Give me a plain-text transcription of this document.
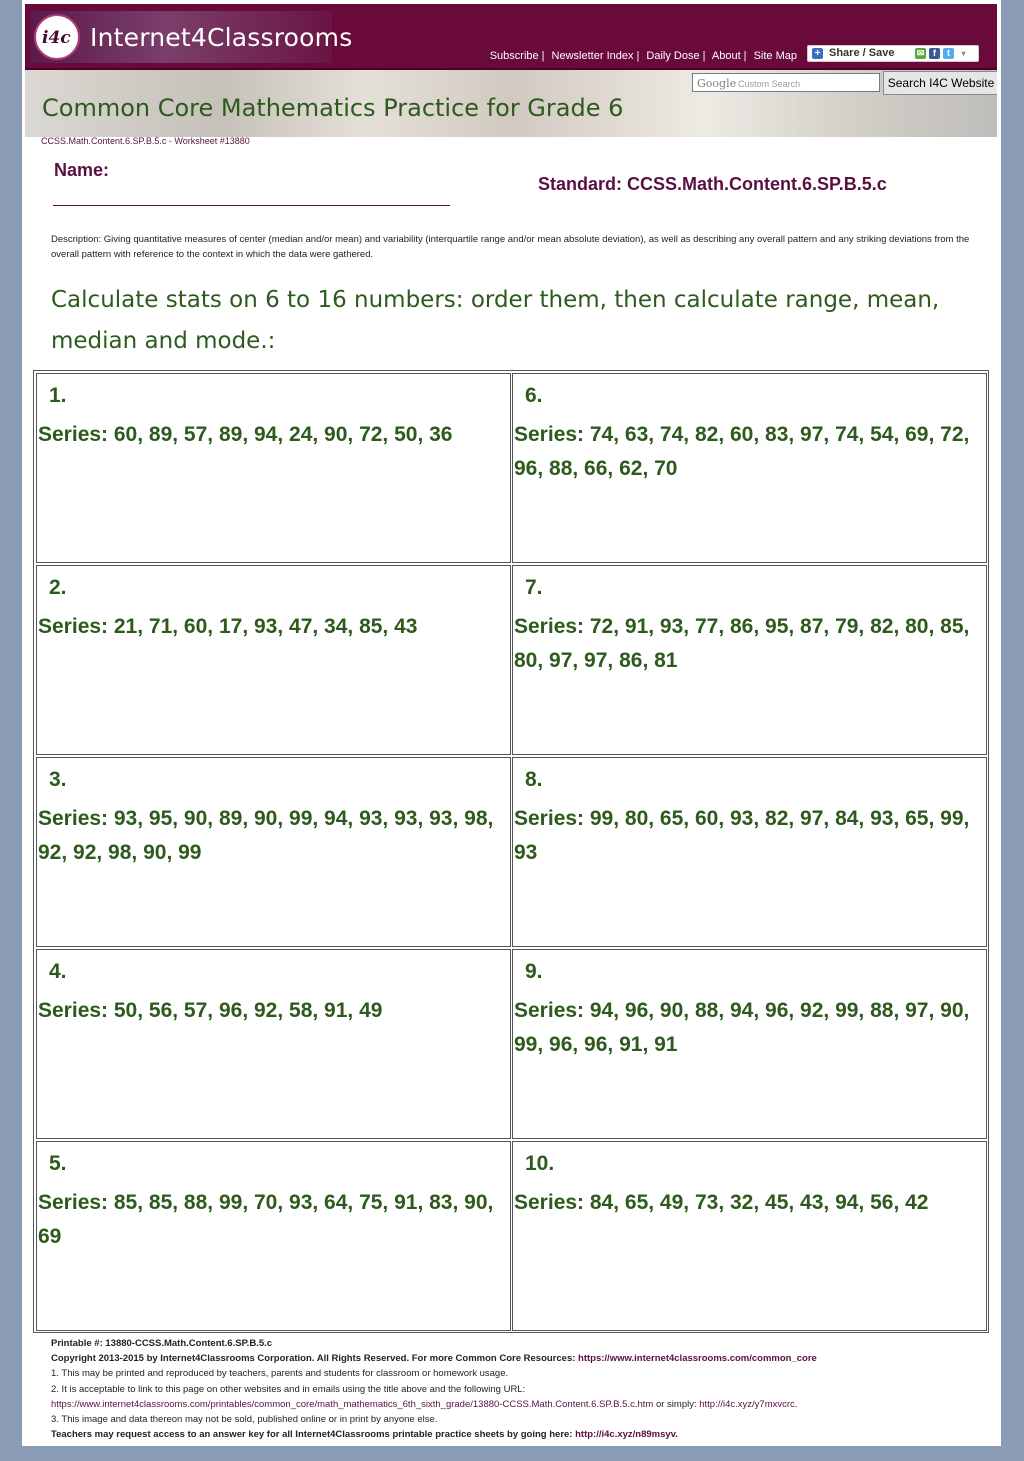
i4c Internet4Classrooms
Subscribe | Newsletter Index | Daily Dose | About | Site Map + Share / Save ✉ f	t	▾
Common Core Mathematics Practice for Grade 6
Google Custom Search	Search I4C Website
CCSS.Math.Content.6.SP.B.5.c - Worksheet #13880
Name:
Standard: CCSS.Math.Content.6.SP.B.5.c
Description: Giving quantitative measures of center (median and/or mean) and variability (interquartile range and/or mean absolute deviation), as well as describing any overall pattern and any striking deviations from the overall pattern with reference to the context in which the data were gathered.
Calculate stats on 6 to 16 numbers: order them, then calculate range, mean, median and mode.:
1.
Series: 60, 89, 57, 89, 94, 24, 90, 72, 50, 36
6.
Series: 74, 63, 74, 82, 60, 83, 97, 74, 54, 69, 72, 96, 88, 66, 62, 70
2.
Series: 21, 71, 60, 17, 93, 47, 34, 85, 43
7.
Series: 72, 91, 93, 77, 86, 95, 87, 79, 82, 80, 85, 80, 97, 97, 86, 81
3.
Series: 93, 95, 90, 89, 90, 99, 94, 93, 93, 93, 98, 92, 92, 98, 90, 99
8.
Series: 99, 80, 65, 60, 93, 82, 97, 84, 93, 65, 99, 93
4.
Series: 50, 56, 57, 96, 92, 58, 91, 49
9.
Series: 94, 96, 90, 88, 94, 96, 92, 99, 88, 97, 90, 99, 96, 96, 91, 91
5.
Series: 85, 85, 88, 99, 70, 93, 64, 75, 91, 83, 90, 69
10.
Series: 84, 65, 49, 73, 32, 45, 43, 94, 56, 42
Printable #: 13880-CCSS.Math.Content.6.SP.B.5.c
Copyright 2013-2015 by Internet4Classrooms Corporation. All Rights Reserved. For more Common Core Resources: https://www.internet4classrooms.com/common_core
1. This may be printed and reproduced by teachers, parents and students for classroom or homework usage.
2. It is acceptable to link to this page on other websites and in emails using the title above and the following URL:
https://www.internet4classrooms.com/printables/common_core/math_mathematics_6th_sixth_grade/13880-CCSS.Math.Content.6.SP.B.5.c.htm or simply: http://i4c.xyz/y7mxvcrc.
3. This image and data thereon may not be sold, published online or in print by anyone else.
Teachers may request access to an answer key for all Internet4Classrooms printable practice sheets by going here: http://i4c.xyz/n89msyv.
